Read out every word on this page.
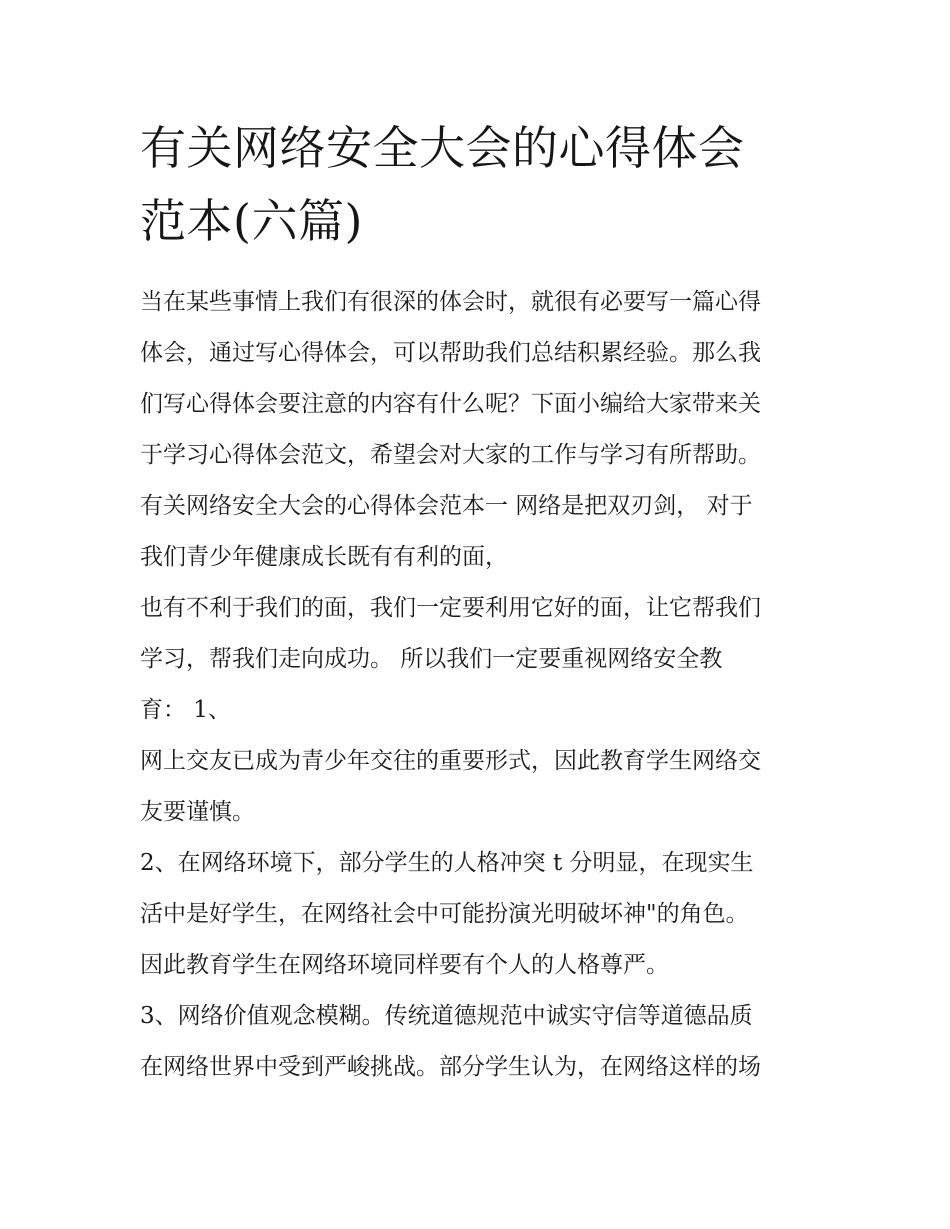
有关网络安全大会的心得体会
范本(六篇)
当在某些事情上我们有很深的体会时，就很有必要写一篇心得
体会，通过写心得体会，可以帮助我们总结积累经验。那么我
们写心得体会要注意的内容有什么呢？下面小编给大家带来关
于学习心得体会范文，希望会对大家的工作与学习有所帮助。
有关网络安全大会的心得体会范本一 网络是把双刃剑， 对于
我们青少年健康成长既有有利的面，
也有不利于我们的面，我们一定要利用它好的面，让它帮我们
学习，帮我们走向成功。 所以我们一定要重视网络安全教
育： 1、
网上交友已成为青少年交往的重要形式，因此教育学生网络交
友要谨慎。
2、在网络环境下，部分学生的人格冲突 t 分明显，在现实生
活中是好学生，在网络社会中可能扮演光明破坏神"的角色。
因此教育学生在网络环境同样要有个人的人格尊严。
3、网络价值观念模糊。传统道德规范中诚实守信等道德品质
在网络世界中受到严峻挑战。部分学生认为，在网络这样的场
